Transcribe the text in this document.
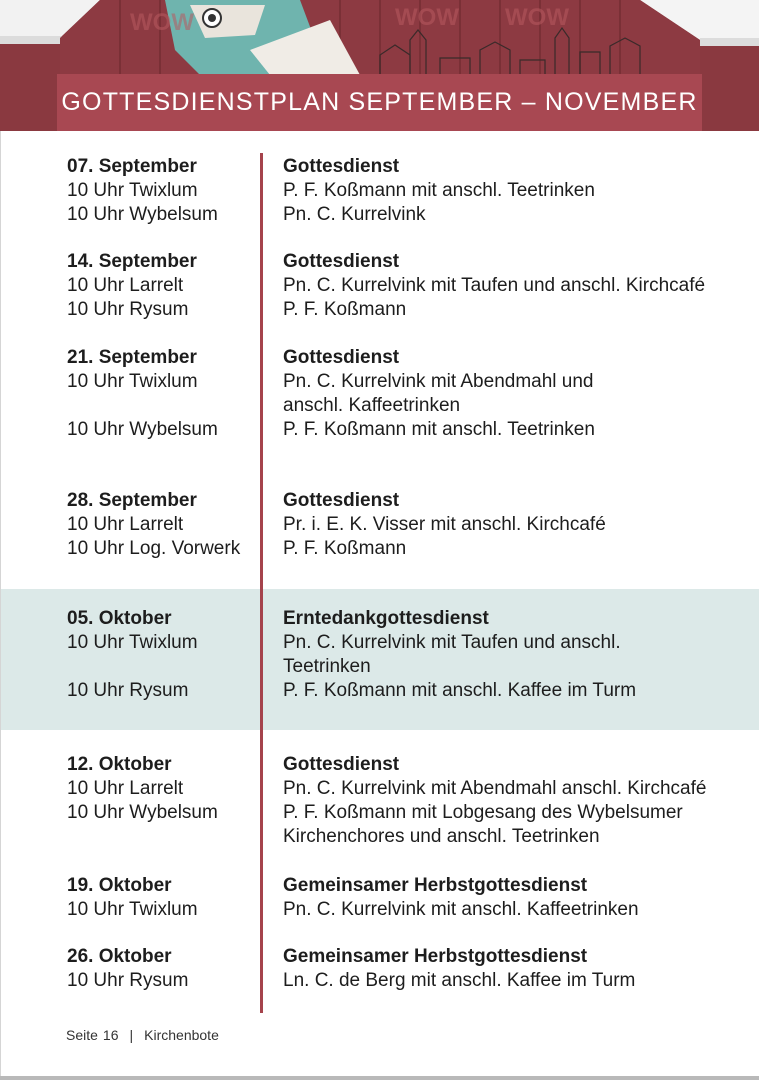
WOW	WOW WOW
GOTTESDIENSTPLAN SEPTEMBER – NOVEMBER
07. September	Gottesdienst
10 Uhr Twixlum	P. F. Koßmann mit anschl. Teetrinken
10 Uhr Wybelsum	Pn. C. Kurrelvink
14. September	Gottesdienst
10 Uhr Larrelt	Pn. C. Kurrelvink mit Taufen und anschl. Kirchcafé
10 Uhr Rysum	P. F. Koßmann
21. September	Gottesdienst
10 Uhr Twixlum	Pn. C. Kurrelvink mit Abendmahl und
anschl. Kaffeetrinken
10 Uhr Wybelsum	P. F. Koßmann mit anschl. Teetrinken
28. September	Gottesdienst
10 Uhr Larrelt	Pr. i. E. K. Visser mit anschl. Kirchcafé
10 Uhr Log. Vorwerk P. F. Koßmann
05. Oktober	Erntedankgottesdienst
10 Uhr Twixlum	Pn. C. Kurrelvink mit Taufen und anschl.
Teetrinken
10 Uhr Rysum	P. F. Koßmann mit anschl. Kaffee im Turm
12. Oktober	Gottesdienst
10 Uhr Larrelt	Pn. C. Kurrelvink mit Abendmahl anschl. Kirchcafé
10 Uhr Wybelsum	P. F. Koßmann mit Lobgesang des Wybelsumer
Kirchenchores und anschl. Teetrinken
19. Oktober	Gemeinsamer Herbstgottesdienst
10 Uhr Twixlum	Pn. C. Kurrelvink mit anschl. Kaffeetrinken
26. Oktober	Gemeinsamer Herbstgottesdienst
10 Uhr Rysum	Ln. C. de Berg mit anschl. Kaffee im Turm
Seite 16 | Kirchenbote
